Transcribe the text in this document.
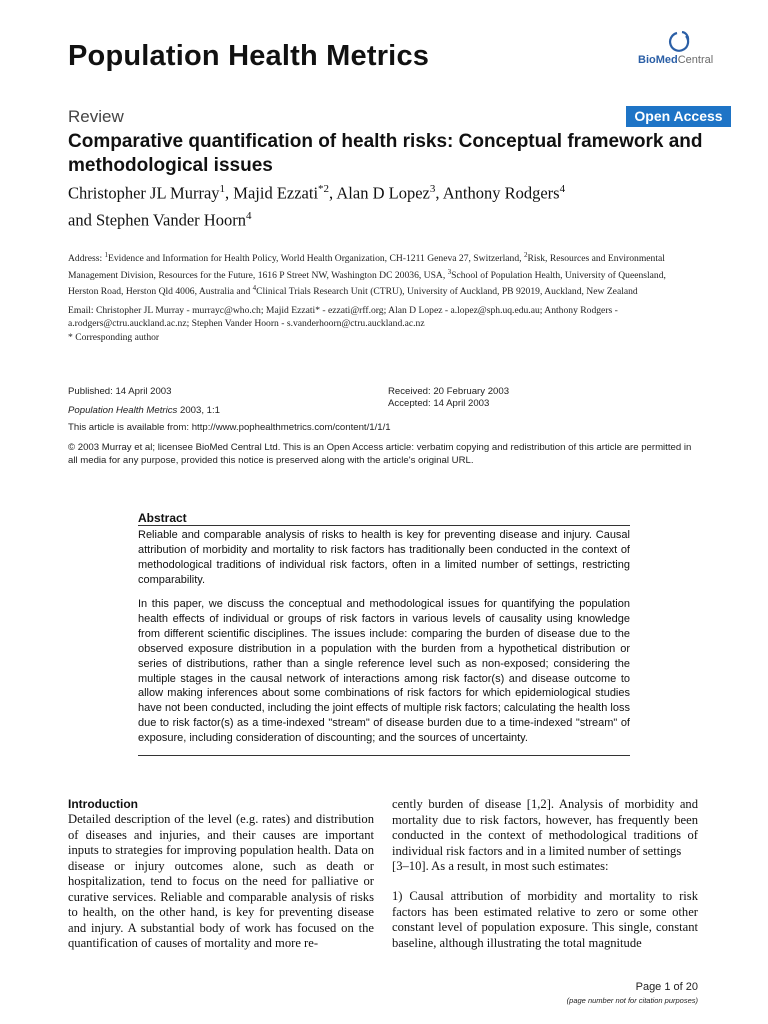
Population Health Metrics	BioMedCentral
Review	Open Access
Comparative quantification of health risks: Conceptual framework and methodological issues
Christopher JL Murray$^1$, Majid Ezzati$^{*2}$, Alan D Lopez$^3$, Anthony Rodgers$^4$
and Stephen Vander Hoorn$^4$
Address: $^1$Evidence and Information for Health Policy, World Health Organization, CH-1211 Geneva 27, Switzerland, $^2$Risk, Resources and Environmental Management Division, Resources for the Future, 1616 P Street NW, Washington DC 20036, USA, $^3$School of Population Health, University of Queensland, Herston Road, Herston Qld 4006, Australia and $^4$Clinical Trials Research Unit (CTRU), University of Auckland, PB 92019, Auckland, New Zealand
Email: Christopher JL Murray - murrayc@who.ch; Majid Ezzati* - ezzati@rff.org; Alan D Lopez - a.lopez@sph.uq.edu.au; Anthony Rodgers - a.rodgers@ctru.auckland.ac.nz; Stephen Vander Hoorn - s.vanderhoorn@ctru.auckland.ac.nz
* Corresponding author
Published: 14 April 2003
Population Health Metrics 2003, 1:1
Received: 20 February 2003
Accepted: 14 April 2003
This article is available from: http://www.pophealthmetrics.com/content/1/1/1
© 2003 Murray et al; licensee BioMed Central Ltd. This is an Open Access article: verbatim copying and redistribution of this article are permitted in all media for any purpose, provided this notice is preserved along with the article's original URL.
Abstract
Reliable and comparable analysis of risks to health is key for preventing disease and injury. Causal attribution of morbidity and mortality to risk factors has traditionally been conducted in the context of methodological traditions of individual risk factors, often in a limited number of settings, restricting comparability.
In this paper, we discuss the conceptual and methodological issues for quantifying the population health effects of individual or groups of risk factors in various levels of causality using knowledge from different scientific disciplines. The issues include: comparing the burden of disease due to the observed exposure distribution in a population with the burden from a hypothetical distribution or series of distributions, rather than a single reference level such as non-exposed; considering the multiple stages in the causal network of interactions among risk factor(s) and disease outcome to allow making inferences about some combinations of risk factors for which epidemiological studies have not been conducted, including the joint effects of multiple risk factors; calculating the health loss due to risk factor(s) as a time-indexed "stream" of disease burden due to a time-indexed "stream" of exposure, including consideration of discounting; and the sources of uncertainty.
Introduction
Detailed description of the level (e.g. rates) and distribution of diseases and injuries, and their causes are important inputs to strategies for improving population health. Data on disease or injury outcomes alone, such as death or hospitalization, tend to focus on the need for palliative or curative services. Reliable and comparable analysis of risks to health, on the other hand, is key for preventing disease and injury. A substantial body of work has focused on the quantification of causes of mortality and more re-
cently burden of disease [1,2]. Analysis of morbidity and mortality due to risk factors, however, has frequently been conducted in the context of methodological traditions of individual risk factors and in a limited number of settings
[3–10]. As a result, in most such estimates:
1) Causal attribution of morbidity and mortality to risk factors has been estimated relative to zero or some other constant level of population exposure. This single, constant baseline, although illustrating the total magnitude
Page 1 of 20
(page number not for citation purposes)
